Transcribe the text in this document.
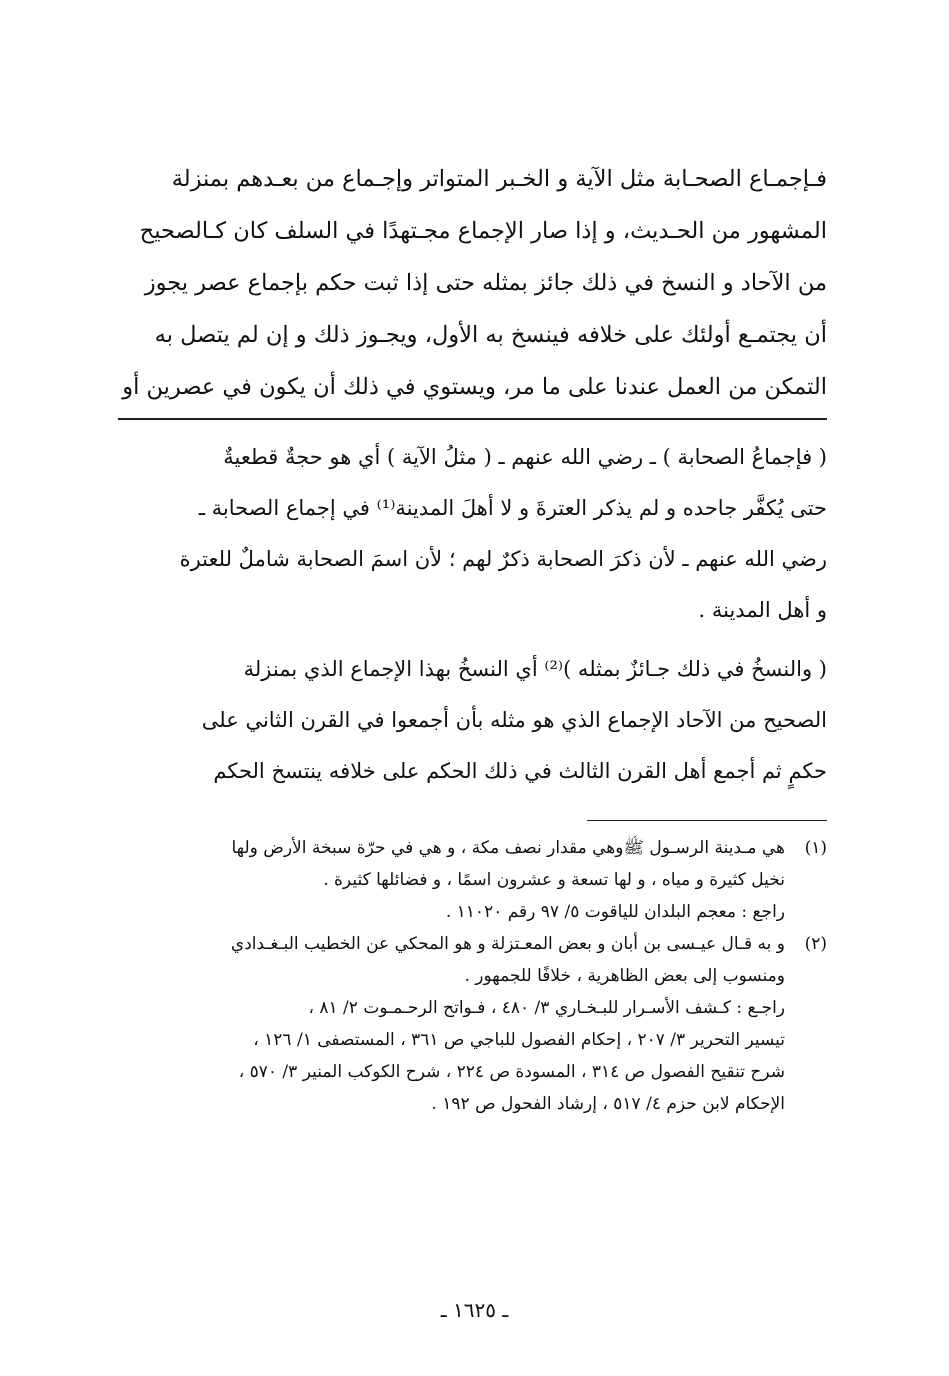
فـإجمـاع الصحـابة مثل الآية و الخـبر المتواتر وإجـماع من بعـدهم بمنزلة
المشهور من الحـديث، و إذا صار الإجماع مجـتهدًا في السلف كان كـالصحيح
من الآحاد و النسخ في ذلك جائز بمثله حتى إذا ثبت حكم بإجماع عصر يجوز
أن يجتمـع أولئك على خلافه فينسخ به الأول، ويجـوز ذلك و إن لم يتصل به
التمكن من العمل عندنا على ما مر، ويستوي في ذلك أن يكون في عصرين أو
( فإجماعُ الصحابة ) ـ رضي الله عنهم ـ ( مثلُ الآية ) أي هو حجةٌ قطعيةٌ
حتى يُكفَّر جاحده و لم يذكر العترةَ و لا أهلَ المدينة⁽¹⁾ في إجماع الصحابة ـ
رضي الله عنهم ـ لأن ذكرَ الصحابة ذكرٌ لهم ؛ لأن اسمَ الصحابة شاملٌ للعترة
و أهل المدينة .
( والنسخُ في ذلك جـائزٌ بمثله )⁽²⁾ أي النسخُ بهذا الإجماع الذي بمنزلة
الصحيح من الآحاد الإجماع الذي هو مثله بأن أجمعوا في القرن الثاني على
حكمٍ ثم أجمع أهل القرن الثالث في ذلك الحكم على خلافه ينتسخ الحكم
(١)
هي مـدينة الرسـول ﷺوهي مقدار نصف مكة ، و هي في حرّة سبخة الأرض ولها
نخيل كثيرة و مياه ، و لها تسعة و عشرون اسمًا ، و فضائلها كثيرة .
راجع : معجم البلدان للياقوت ٥/ ٩٧ رقم ١١٠٢٠ .
(٢)
و به قـال عيـسى بن أبان و بعض المعـتزلة و هو المحكي عن الخطيب البـغـدادي
ومنسوب إلى بعض الظاهرية ، خلافًا للجمهور .
راجـع : كـشف الأسـرار للبـخـاري ٣/ ٤٨٠ ، فـواتح الرحـمـوت ٢/ ٨١ ،
تيسير التحرير ٣/ ٢٠٧ ، إحكام الفصول للباجي ص ٣٦١ ، المستصفى ١/ ١٢٦ ،
شرح تنقيح الفصول ص ٣١٤ ، المسودة ص ٢٢٤ ، شرح الكوكب المنير ٣/ ٥٧٠ ،
الإحكام لابن حزم ٤/ ٥١٧ ، إرشاد الفحول ص ١٩٢ .
ـ ١٦٢٥ ـ
